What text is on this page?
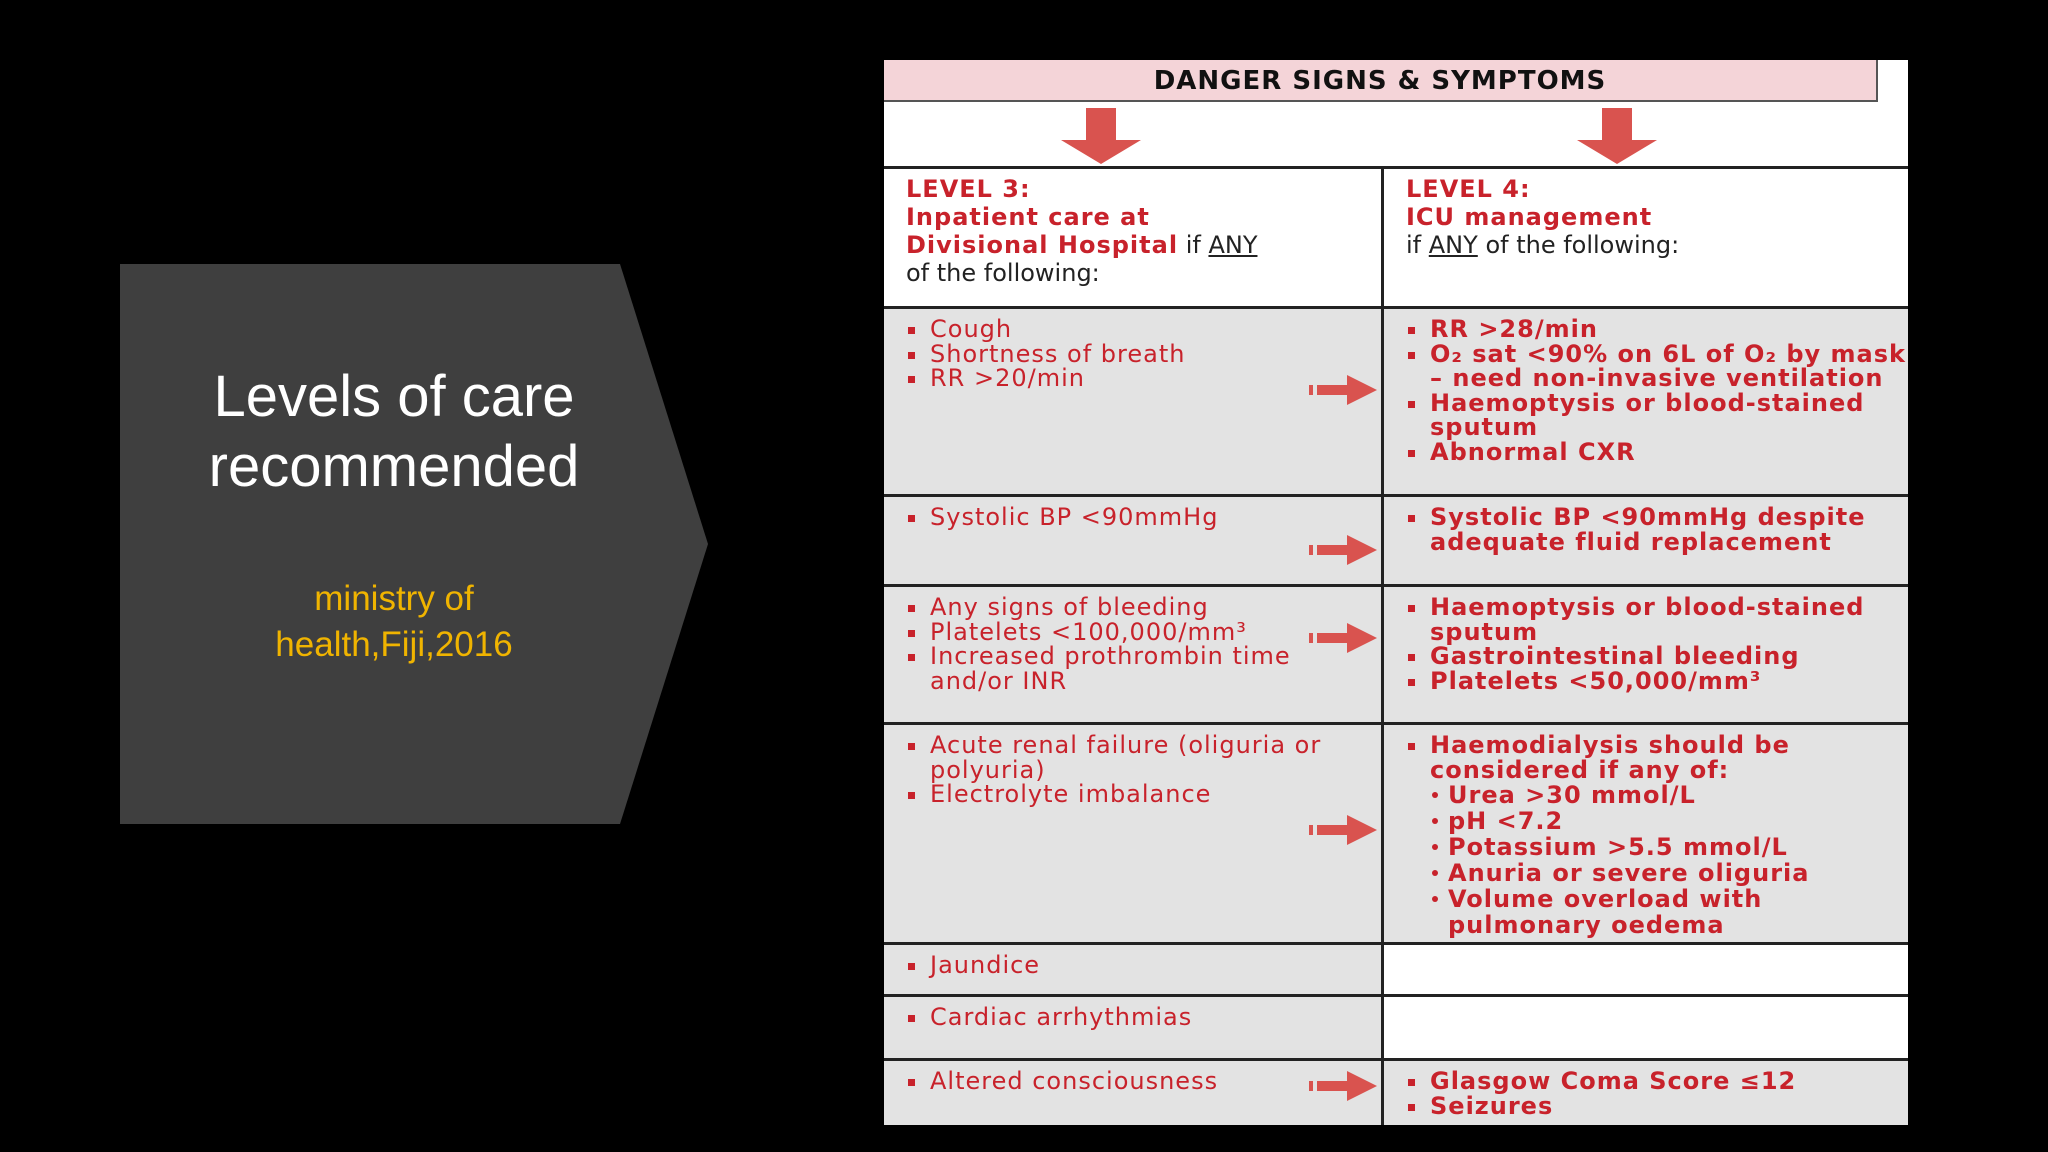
Levels of care
recommended

ministry of
health,Fiji,2016

DANGER SIGNS & SYMPTOMS
LEVEL 3:
Inpatient care at
Divisional Hospital if ANY
of the following:
LEVEL 4:
ICU management
if ANY of the following:
Cough
Shortness of breath
RR >20/min
RR >28/min
O₂ sat <90% on 6L of O₂ by mask – need non-invasive ventilation
Haemoptysis or blood-stained sputum
Abnormal CXR
Systolic BP <90mmHg	Systolic BP <90mmHg despite adequate fluid replacement
Any signs of bleeding
Platelets <100,000/mm³
Increased prothrombin time and/or INR
Haemoptysis or blood-stained sputum
Gastrointestinal bleeding
Platelets <50,000/mm³
Acute renal failure (oliguria or polyuria)
Electrolyte imbalance
Haemodialysis should be considered if any of:
Urea >30 mmol/L
pH <7.2
Potassium >5.5 mmol/L
Anuria or severe oliguria
Volume overload with pulmonary oedema
Jaundice
Cardiac arrhythmias
Altered consciousness	Glasgow Coma Score ≤12
Seizures
